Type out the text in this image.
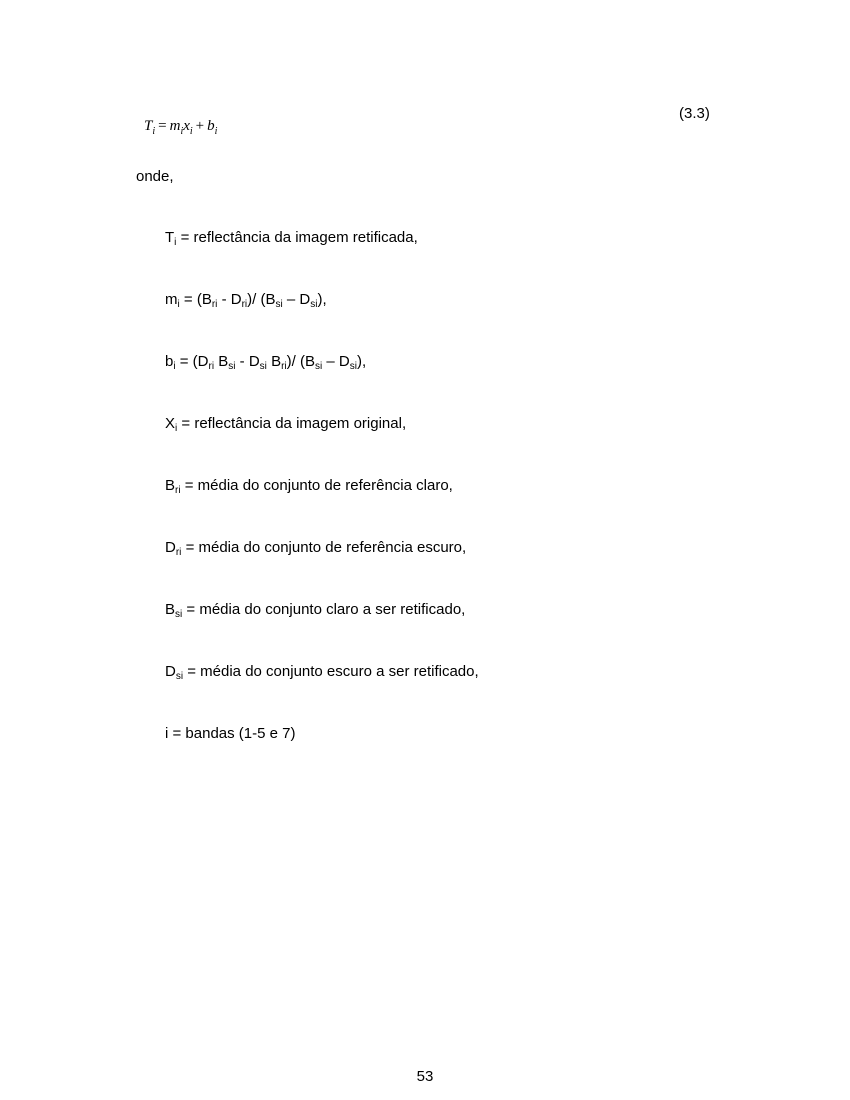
$T_i = m_ix_i + b_i$
(3.3)
onde,
$T_i$ = reflectância da imagem retificada,
$m_i = (B_{ri} - D_{ri})/$ $(B_{si} - D_{si})$,
$b_i = (D_{ri}$ $B_{si} - D_{si}$ $B_{ri})/$ $(B_{si} - D_{si})$,
$X_i$ = reflectância da imagem original,
$B_{ri}$ = média do conjunto de referência claro,
$D_{ri}$ = média do conjunto de referência escuro,
$B_{si}$ = média do conjunto claro a ser retificado,
$D_{si}$ = média do conjunto escuro a ser retificado,
i = bandas (1-5 e 7)
53
